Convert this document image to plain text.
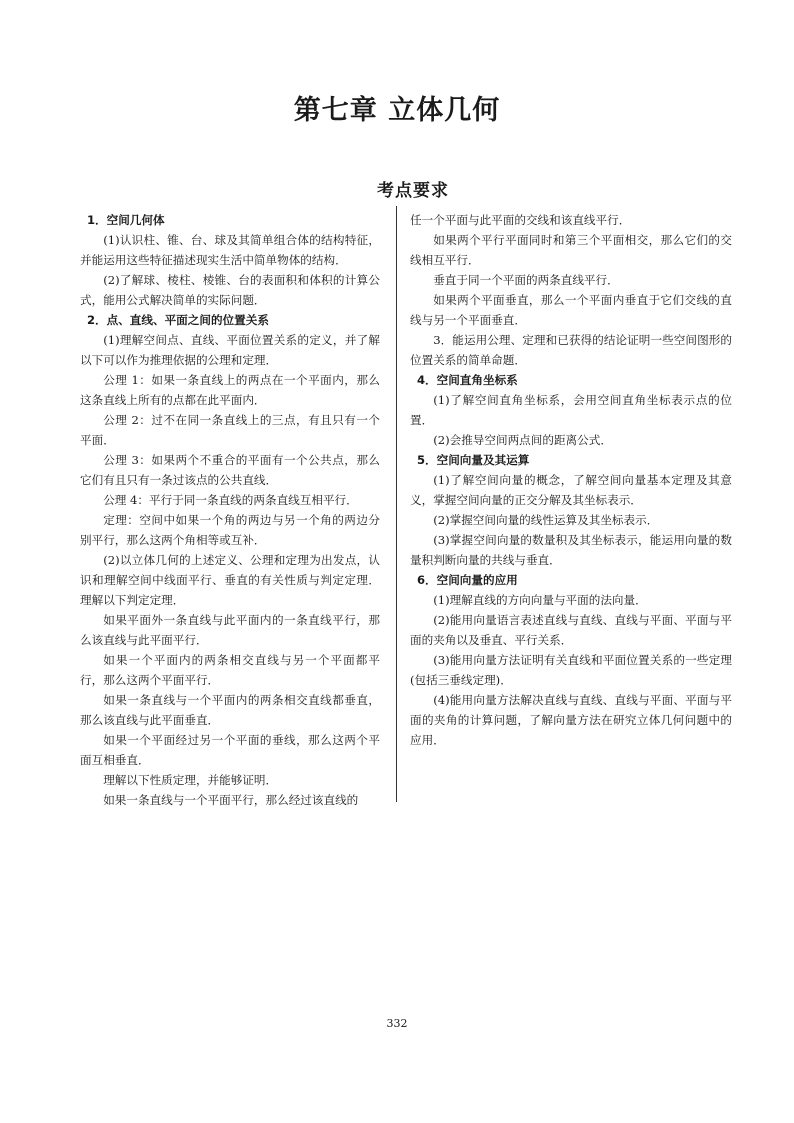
第七章 立体几何
考点要求
1．空间几何体
(1)认识柱、锥、台、球及其简单组合体的结构特征，并能运用这些特征描述现实生活中简单物体的结构．
(2)了解球、棱柱、棱锥、台的表面积和体积的计算公式，能用公式解决简单的实际问题．
2．点、直线、平面之间的位置关系
(1)理解空间点、直线、平面位置关系的定义，并了解以下可以作为推理依据的公理和定理．
公理 1：如果一条直线上的两点在一个平面内，那么这条直线上所有的点都在此平面内．
公理 2：过不在同一条直线上的三点，有且只有一个平面．
公理 3：如果两个不重合的平面有一个公共点，那么它们有且只有一条过该点的公共直线．
公理 4：平行于同一条直线的两条直线互相平行．
定理：空间中如果一个角的两边与另一个角的两边分别平行，那么这两个角相等或互补．
(2)以立体几何的上述定义、公理和定理为出发点，认识和理解空间中线面平行、垂直的有关性质与判定定理．理解以下判定定理．
如果平面外一条直线与此平面内的一条直线平行，那么该直线与此平面平行．
如果一个平面内的两条相交直线与另一个平面都平行，那么这两个平面平行．
如果一条直线与一个平面内的两条相交直线都垂直，那么该直线与此平面垂直．
如果一个平面经过另一个平面的垂线，那么这两个平面互相垂直．
理解以下性质定理，并能够证明．
如果一条直线与一个平面平行，那么经过该直线的
任一个平面与此平面的交线和该直线平行．
如果两个平行平面同时和第三个平面相交，那么它们的交线相互平行．
垂直于同一个平面的两条直线平行．
如果两个平面垂直，那么一个平面内垂直于它们交线的直线与另一个平面垂直．
3．能运用公理、定理和已获得的结论证明一些空间图形的位置关系的简单命题．
4．空间直角坐标系
(1)了解空间直角坐标系，会用空间直角坐标表示点的位置．
(2)会推导空间两点间的距离公式．
5．空间向量及其运算
(1)了解空间向量的概念，了解空间向量基本定理及其意义，掌握空间向量的正交分解及其坐标表示．
(2)掌握空间向量的线性运算及其坐标表示．
(3)掌握空间向量的数量积及其坐标表示，能运用向量的数量积判断向量的共线与垂直．
6．空间向量的应用
(1)理解直线的方向向量与平面的法向量．
(2)能用向量语言表述直线与直线、直线与平面、平面与平面的夹角以及垂直、平行关系．
(3)能用向量方法证明有关直线和平面位置关系的一些定理(包括三垂线定理)．
(4)能用向量方法解决直线与直线、直线与平面、平面与平面的夹角的计算问题，了解向量方法在研究立体几何问题中的应用．
332
